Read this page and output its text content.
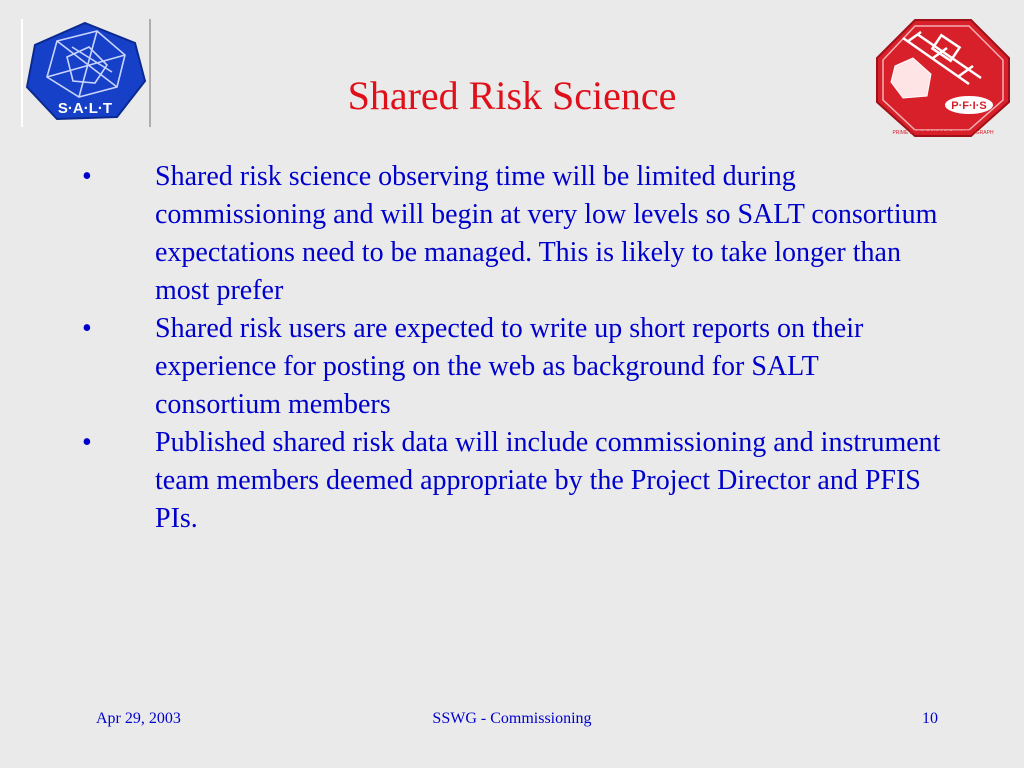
S·A·L·T	Shared Risk Science	P·F·I·S
PRIME FOCUS IMAGING SPECTROGRAPH
•	Shared risk science observing time will be limited during commissioning and will begin at very low levels so SALT consortium expectations need to be managed. This is likely to take longer than most prefer
•	Shared risk users are expected to write up short reports on their experience for posting on the web as background for SALT consortium members
•	Published shared risk data will include commissioning and instrument team members deemed appropriate by the Project Director and PFIS PIs.
Apr 29, 2003	SSWG - Commissioning	10
